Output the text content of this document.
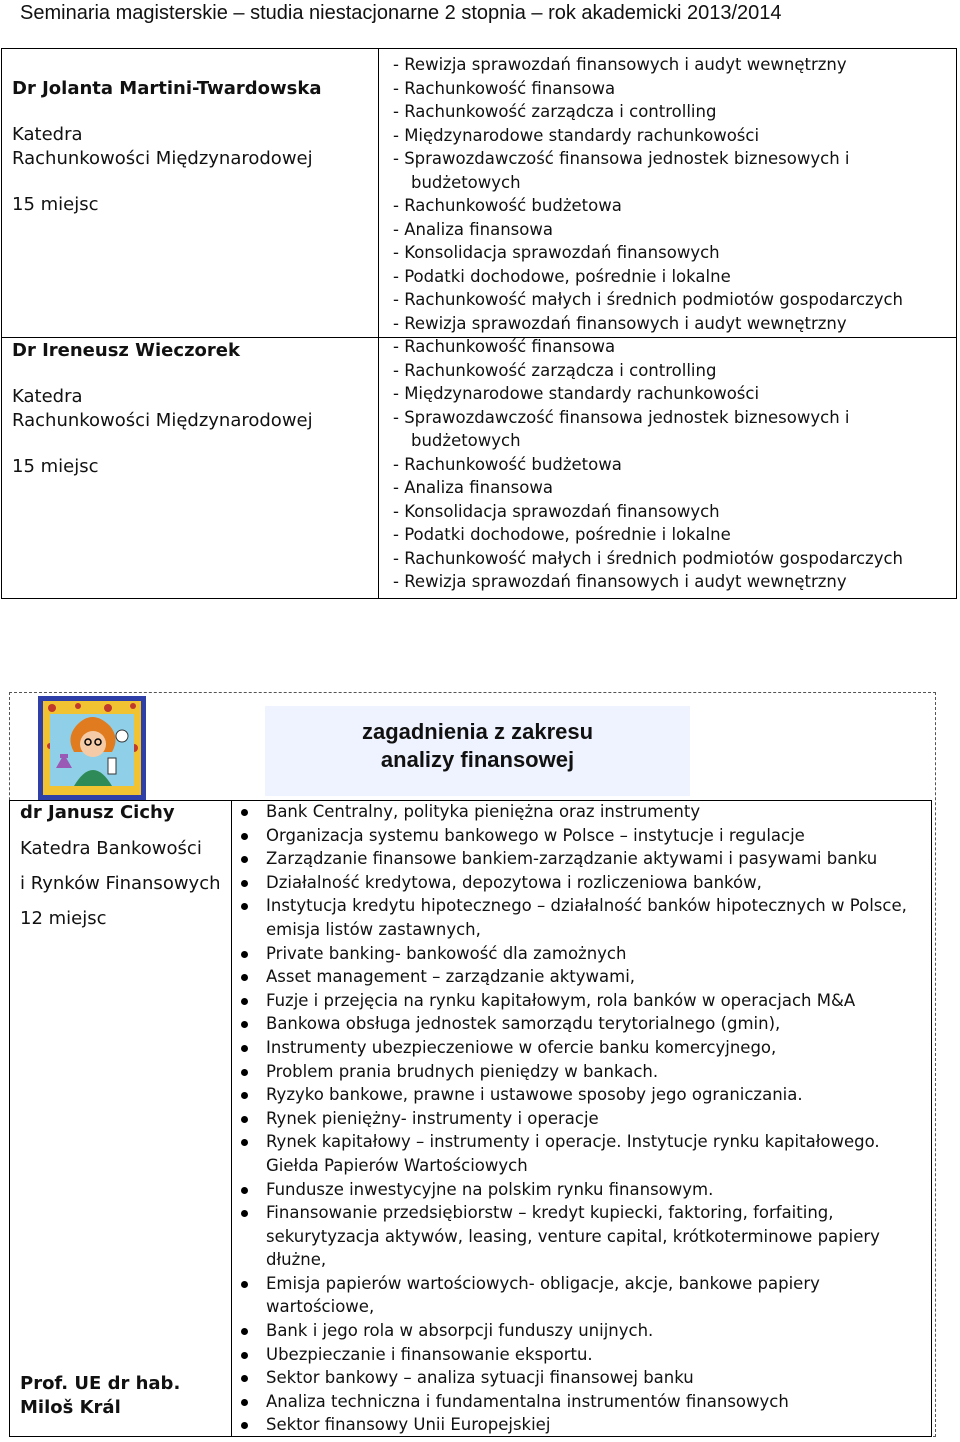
Seminaria magisterskie – studia niestacjonarne 2 stopnia – rok akademicki 2013/2014
Dr Jolanta Martini-Twardowska
Katedra
Rachunkowości Międzynarodowej
15 miejsc
Dr Ireneusz Wieczorek
Katedra
Rachunkowości Międzynarodowej
15 miejsc
- Rewizja sprawozdań finansowych i audyt wewnętrzny
- Rachunkowość finansowa
- Rachunkowość zarządcza i controlling
- Międzynarodowe standardy rachunkowości
- Sprawozdawczość finansowa jednostek biznesowych i budżetowych
- Rachunkowość budżetowa
- Analiza finansowa
- Konsolidacja sprawozdań finansowych
- Podatki dochodowe, pośrednie i lokalne
- Rachunkowość małych i średnich podmiotów gospodarczych
- Rewizja sprawozdań finansowych i audyt wewnętrzny
- Rachunkowość finansowa
- Rachunkowość zarządcza i controlling
- Międzynarodowe standardy rachunkowości
- Sprawozdawczość finansowa jednostek biznesowych i budżetowych
- Rachunkowość budżetowa
- Analiza finansowa
- Konsolidacja sprawozdań finansowych
- Podatki dochodowe, pośrednie i lokalne
- Rachunkowość małych i średnich podmiotów gospodarczych
- Rewizja sprawozdań finansowych i audyt wewnętrzny
zagadnienia z zakresu
analizy finansowej
dr Janusz Cichy
Katedra Bankowości
i Rynków Finansowych
12 miejsc
Prof. UE dr hab.
Miloš Král
Bank Centralny, polityka pieniężna oraz instrumenty
Organizacja systemu bankowego w Polsce – instytucje i regulacje
Zarządzanie finansowe bankiem-zarządzanie aktywami i pasywami banku
Działalność kredytowa, depozytowa i rozliczeniowa banków,
Instytucja kredytu hipotecznego – działalność banków hipotecznych w Polsce, emisja listów zastawnych,
Private banking- bankowość dla zamożnych
Asset management – zarządzanie aktywami,
Fuzje i przejęcia na rynku kapitałowym, rola banków w operacjach M&A
Bankowa obsługa jednostek samorządu terytorialnego (gmin),
Instrumenty ubezpieczeniowe w ofercie banku komercyjnego,
Problem prania brudnych pieniędzy w bankach.
Ryzyko bankowe, prawne i ustawowe sposoby jego ograniczania.
Rynek pieniężny- instrumenty i operacje
Rynek kapitałowy – instrumenty i operacje. Instytucje rynku kapitałowego. Giełda Papierów Wartościowych
Fundusze inwestycyjne na polskim rynku finansowym.
Finansowanie przedsiębiorstw – kredyt kupiecki, faktoring, forfaiting, sekurytyzacja aktywów, leasing, venture capital, krótkoterminowe papiery dłużne,
Emisja papierów wartościowych- obligacje, akcje, bankowe papiery wartościowe,
Bank i jego rola w absorpcji funduszy unijnych.
Ubezpieczanie i finansowanie eksportu.
Sektor bankowy – analiza sytuacji finansowej banku
Analiza techniczna i fundamentalna instrumentów finansowych
Sektor finansowy Unii Europejskiej
